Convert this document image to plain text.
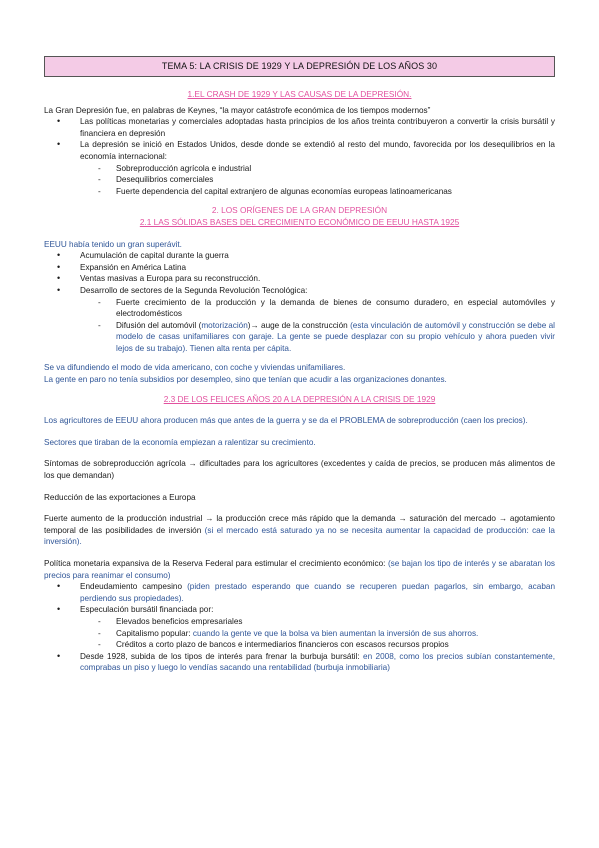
TEMA 5: LA CRISIS DE 1929 Y LA DEPRESIÓN DE LOS AÑOS 30
1.EL CRASH DE 1929 Y LAS CAUSAS DE LA DEPRESIÓN.

La Gran Depresión fue, en palabras de Keynes, “la mayor catástrofe económica de los tiempos modernos”

• Las políticas monetarias y comerciales adoptadas hasta principios de los años treinta contribuyeron a convertir la crisis bursátil y financiera en depresión
• La depresión se inició en Estados Unidos, desde donde se extendió al resto del mundo, favorecida por los desequilibrios en la economía internacional:
- Sobreproducción agrícola e industrial
- Desequilibrios comerciales
- Fuerte dependencia del capital extranjero de algunas economías europeas latinoamericanas
2. LOS ORÍGENES DE LA GRAN DEPRESIÓN
2.1 LAS SÓLIDAS BASES DEL CRECIMIENTO ECONÓMICO DE EEUU HASTA 1925

EEUU había tenido un gran superávit.

• Acumulación de capital durante la guerra
• Expansión en América Latina
• Ventas masivas a Europa para su reconstrucción.
• Desarrollo de sectores de la Segunda Revolución Tecnológica:
- Fuerte crecimiento de la producción y la demanda de bienes de consumo duradero, en especial automóviles y electrodomésticos
- Difusión del automóvil (motorización)→ auge de la construcción (esta vinculación de automóvil y construcción se debe al modelo de casas unifamiliares con garaje. La gente se puede desplazar con su propio vehículo y ahora pueden vivir lejos de su trabajo). Tienen alta renta per cápita.

Se va difundiendo el modo de vida americano, con coche y viviendas unifamiliares.

La gente en paro no tenía subsidios por desempleo, sino que tenían que acudir a las organizaciones donantes.

2.3 DE LOS FELICES AÑOS 20 A LA DEPRESIÓN A LA CRISIS DE 1929

Los agricultores de EEUU ahora producen más que antes de la guerra y se da el PROBLEMA de sobreproducción (caen los precios).

Sectores que tiraban de la economía empiezan a ralentizar su crecimiento.

Síntomas de sobreproducción agrícola → dificultades para los agricultores (excedentes y caída de precios, se producen más alimentos de los que demandan)

Reducción de las exportaciones a Europa

Fuerte aumento de la producción industrial → la producción crece más rápido que la demanda → saturación del mercado → agotamiento temporal de las posibilidades de inversión (si el mercado está saturado ya no se necesita aumentar la capacidad de producción: cae la inversión).

Política monetaria expansiva de la Reserva Federal para estimular el crecimiento económico: (se bajan los tipo de interés y se abaratan los precios para reanimar el consumo)

• Endeudamiento campesino (piden prestado esperando que cuando se recuperen puedan pagarlos, sin embargo, acaban perdiendo sus propiedades).
• Especulación bursátil financiada por:
- Elevados beneficios empresariales
- Capitalismo popular: cuando la gente ve que la bolsa va bien aumentan la inversión de sus ahorros.
- Créditos a corto plazo de bancos e intermediarios financieros con escasos recursos propios
• Desde 1928, subida de los tipos de interés para frenar la burbuja bursátil: en 2008, como los precios subían constantemente, comprabas un piso y luego lo vendías sacando una rentabilidad (burbuja inmobiliaria)
